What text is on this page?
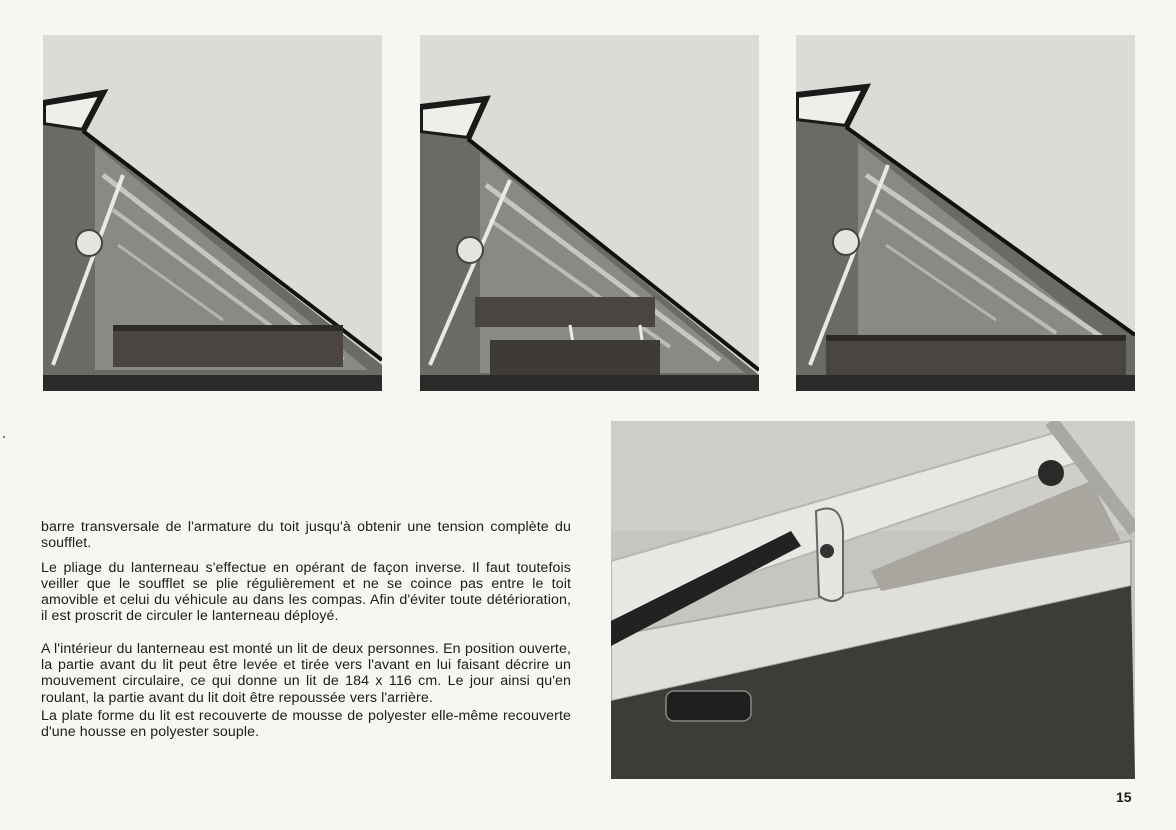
barre transversale de l'armature du toit jusqu'à obtenir une tension complète du soufflet.

Le pliage du lanterneau s'effectue en opérant de façon inverse. Il faut toutefois veiller que le soufflet se plie régulièrement et ne se coince pas entre le toit amovible et celui du véhicule au dans les compas. Afin d'éviter toute détérioration, il est proscrit de circuler le lanterneau déployé.

A l'intérieur du lanterneau est monté un lit de deux personnes. En position ouverte, la partie avant du lit peut être levée et tirée vers l'avant en lui faisant décrire un mouvement circulaire, ce qui donne un lit de 184 x 116 cm. Le jour ainsi qu'en roulant, la partie avant du lit doit être repoussée vers l'arrière.

La plate forme du lit est recouverte de mousse de polyester elle-même recouverte d'une housse en polyester souple.

15
